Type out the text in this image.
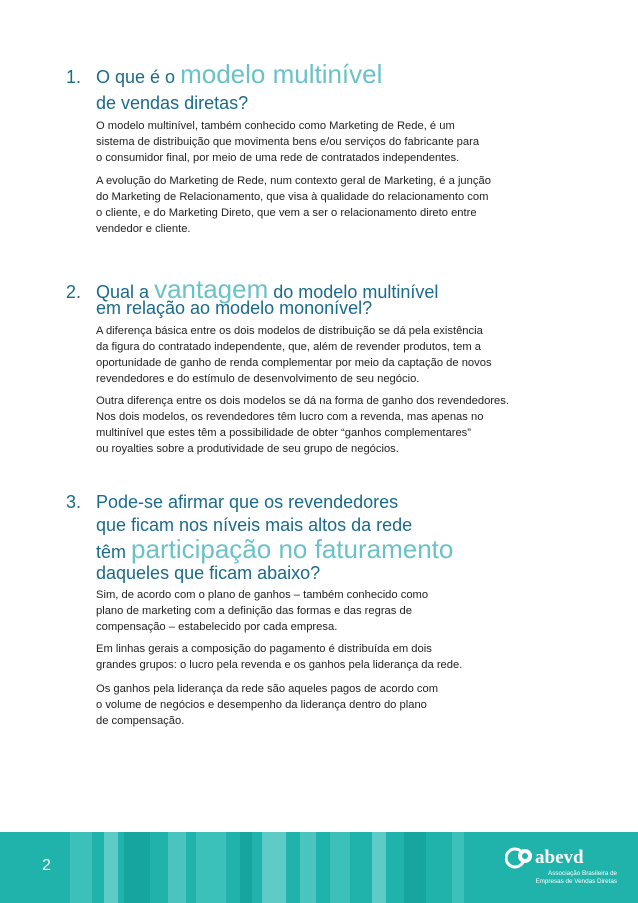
1. O que é o modelo multinível
de vendas diretas?

O modelo multinível, também conhecido como Marketing de Rede, é um
sistema de distribuição que movimenta bens e/ou serviços do fabricante para
o consumidor final, por meio de uma rede de contratados independentes.

A evolução do Marketing de Rede, num contexto geral de Marketing, é a junção
do Marketing de Relacionamento, que visa à qualidade do relacionamento com
o cliente, e do Marketing Direto, que vem a ser o relacionamento direto entre
vendedor e cliente.

2. Qual a vantagem do modelo multinível
em relação ao modelo mononível?

A diferença básica entre os dois modelos de distribuição se dá pela existência
da figura do contratado independente, que, além de revender produtos, tem a
oportunidade de ganho de renda complementar por meio da captação de novos
revendedores e do estímulo de desenvolvimento de seu negócio.

Outra diferença entre os dois modelos se dá na forma de ganho dos revendedores.
Nos dois modelos, os revendedores têm lucro com a revenda, mas apenas no
multinível que estes têm a possibilidade de obter “ganhos complementares”
ou royalties sobre a produtividade de seu grupo de negócios.

3. Pode-se afirmar que os revendedores
que ficam nos níveis mais altos da rede
têm participação no faturamento
daqueles que ficam abaixo?

Sim, de acordo com o plano de ganhos – também conhecido como
plano de marketing com a definição das formas e das regras de
compensação – estabelecido por cada empresa.

Em linhas gerais a composição do pagamento é distribuída em dois
grandes grupos: o lucro pela revenda e os ganhos pela liderança da rede.

Os ganhos pela liderança da rede são aqueles pagos de acordo com
o volume de negócios e desempenho da liderança dentro do plano
de compensação.

2	abevd
Associação Brasileira de
Empresas de Vendas Diretas
